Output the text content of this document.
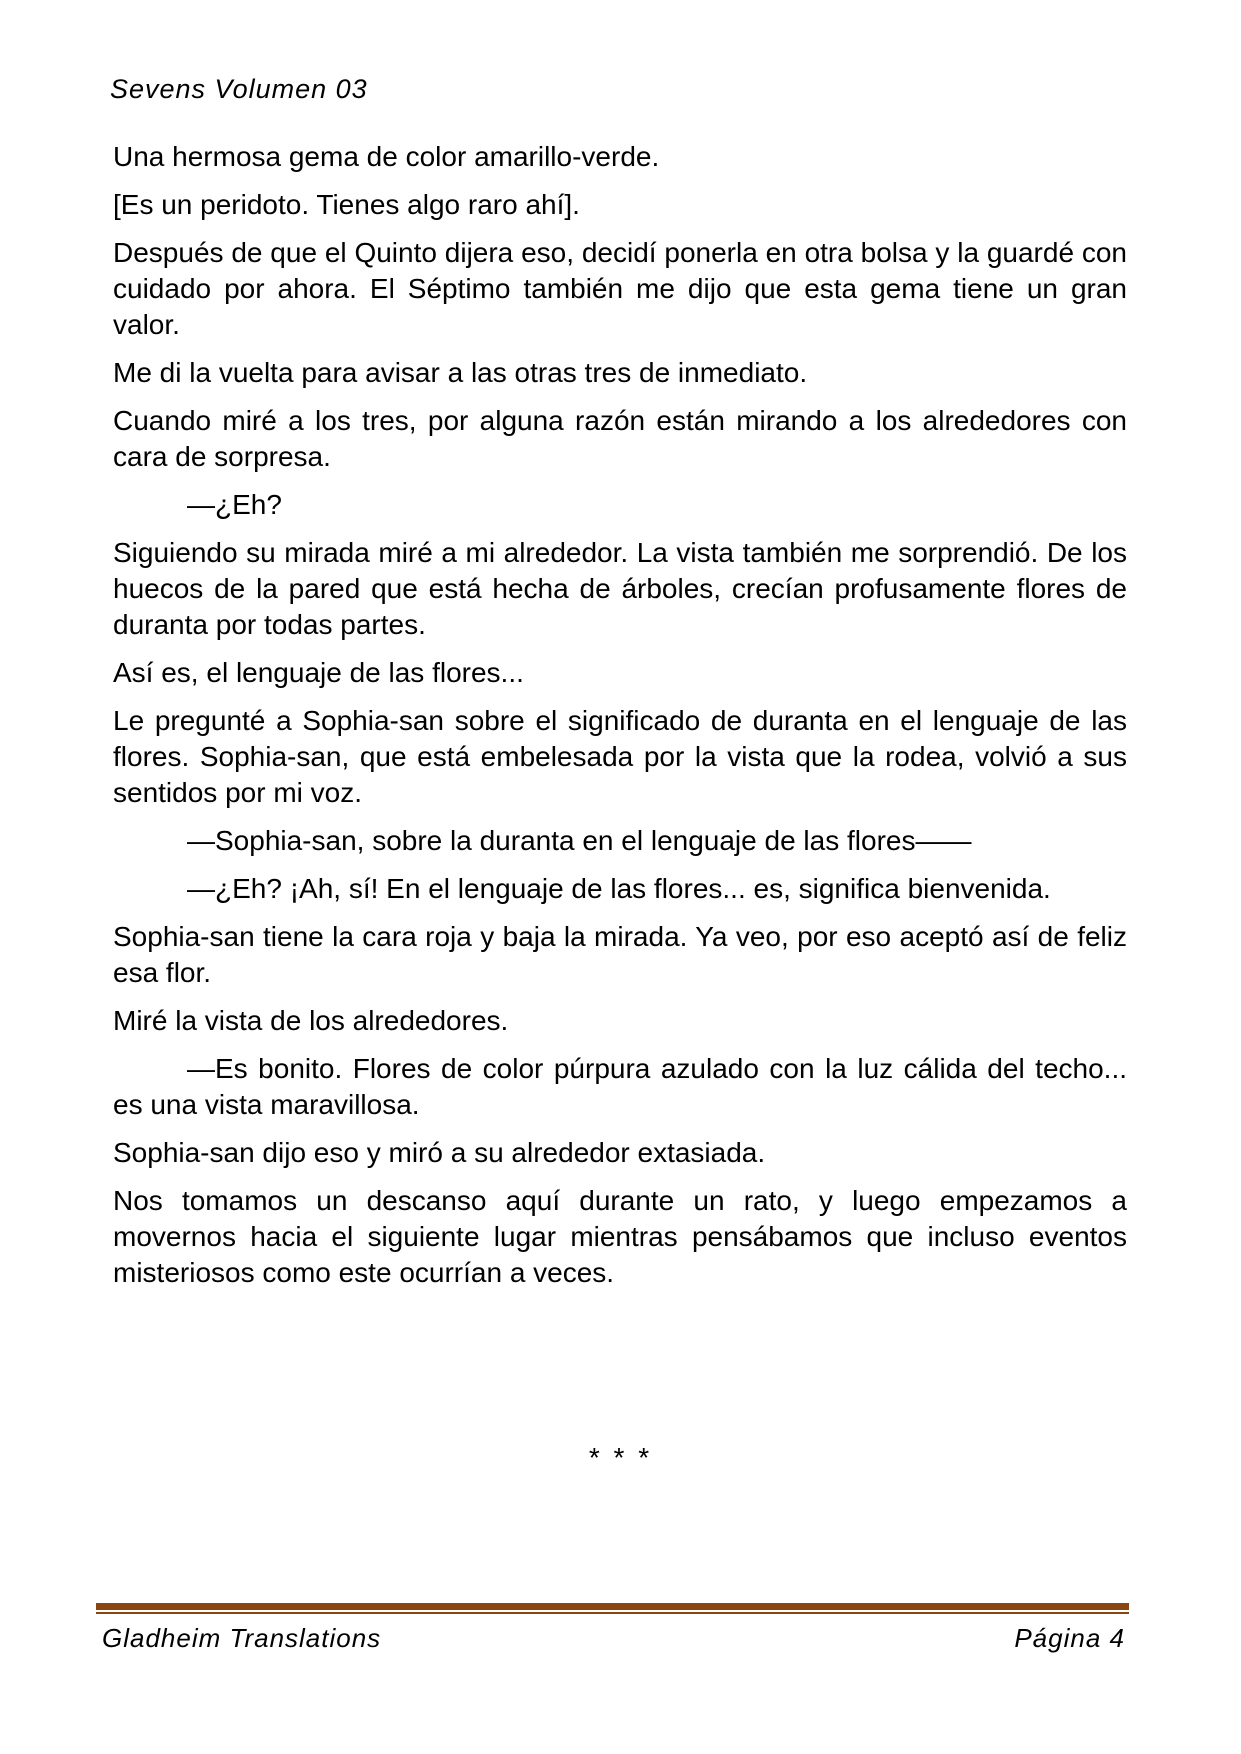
Sevens Volumen 03

Una hermosa gema de color amarillo-verde.

[Es un peridoto. Tienes algo raro ahí].

Después de que el Quinto dijera eso, decidí ponerla en otra bolsa y la guardé con cuidado por ahora. El Séptimo también me dijo que esta gema tiene un gran valor.

Me di la vuelta para avisar a las otras tres de inmediato.

Cuando miré a los tres, por alguna razón están mirando a los alrededores con cara de sorpresa.

—¿Eh?

Siguiendo su mirada miré a mi alrededor. La vista también me sorprendió. De los huecos de la pared que está hecha de árboles, crecían profusamente flores de duranta por todas partes.

Así es, el lenguaje de las flores...

Le pregunté a Sophia-san sobre el significado de duranta en el lenguaje de las flores. Sophia-san, que está embelesada por la vista que la rodea, volvió a sus sentidos por mi voz.

—Sophia-san, sobre la duranta en el lenguaje de las flores——

—¿Eh? ¡Ah, sí! En el lenguaje de las flores... es, significa bienvenida.

Sophia-san tiene la cara roja y baja la mirada. Ya veo, por eso aceptó así de feliz esa flor.

Miré la vista de los alrededores.

—Es bonito. Flores de color púrpura azulado con la luz cálida del techo... es una vista maravillosa.

Sophia-san dijo eso y miró a su alrededor extasiada.

Nos tomamos un descanso aquí durante un rato, y luego empezamos a movernos hacia el siguiente lugar mientras pensábamos que incluso eventos misteriosos como este ocurrían a veces.

* * *
Gladheim Translations	Página 4
